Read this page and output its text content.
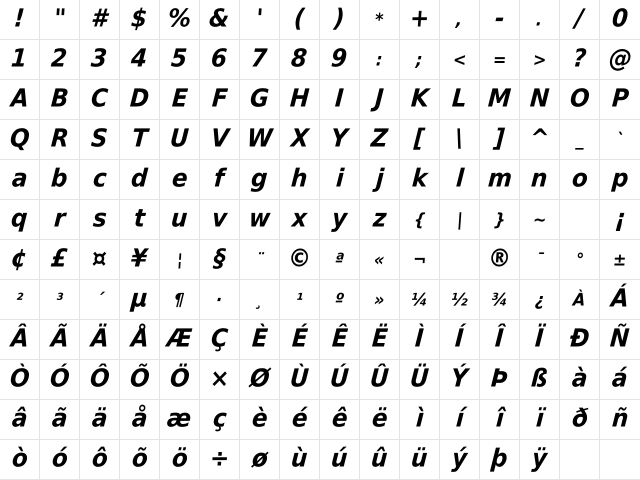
! " # $ % & ' ( ) * + , - . / 0
1 2 3 4 5 6 7 8 9 : ; < = > ? @
A B C D E F G H I J K L M N O P
Q R S T U V W X Y Z [ \ ] ^ _ `
a b c d e f g h i j k l m n o p
q r s t u v w x y z { | } ~	¡
¢ £ ¤ ¥ ¦ § ¨ © ª « ¬  ® ¯ ° ±
² ³ ´ µ ¶ · ¸ ¹ º » ¼ ½ ¾ ¿ À Á
Â Ã Ä Å Æ Ç È É Ê Ë Ì Í Î Ï Ð Ñ
Ò Ó Ô Õ Ö × Ø Ù Ú Û Ü Ý Þ ß à á
â ã ä å æ ç è é ê ë ì í î ï ð ñ
ò ó ô õ ö ÷ ø ù ú û ü ý þ ÿ
